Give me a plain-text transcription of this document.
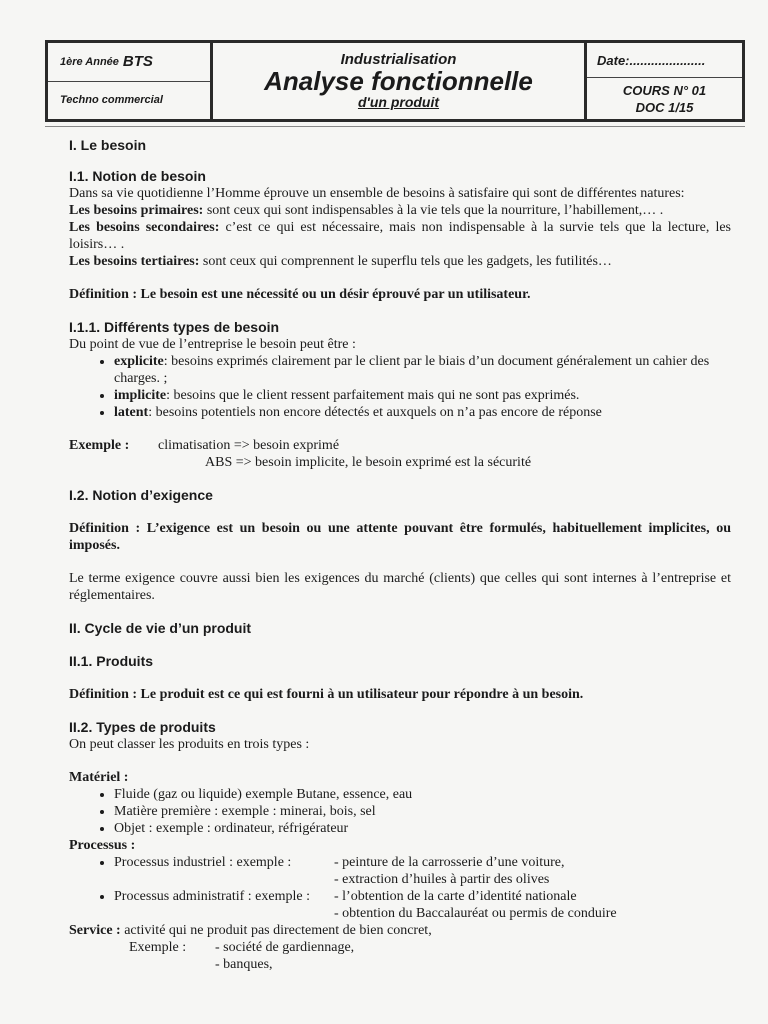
1ère Année BTS
Techno commercial
Industrialisation
Analyse fonctionnelle
d'un produit
Date:.....................
COURS N° 01
DOC 1/15
I. Le besoin
I.1. Notion de besoin

Dans sa vie quotidienne l’Homme éprouve un ensemble de besoins à satisfaire qui sont de différentes natures:

Les besoins primaires: sont ceux qui sont indispensables à la vie tels que la nourriture, l’habillement,… .

Les besoins secondaires: c’est ce qui est nécessaire, mais non indispensable à la survie tels que la lecture, les loisirs… .

Les besoins tertiaires: sont ceux qui comprennent le superflu tels que les gadgets, les futilités…

Définition : Le besoin est une nécessité ou un désir éprouvé par un utilisateur.

I.1.1. Différents types de besoin

Du point de vue de l’entreprise le besoin peut être :

• explicite: besoins exprimés clairement par le client par le biais d’un document généralement un cahier des charges. ;
• implicite: besoins que le client ressent parfaitement mais qui ne sont pas exprimés.
• latent: besoins potentiels non encore détectés et auxquels on n’a pas encore de réponse
Exemple :	climatisation => besoin exprimé

ABS => besoin implicite, le besoin exprimé est la sécurité

I.2. Notion d’exigence

Définition : L’exigence est un besoin ou une attente pouvant être formulés, habituellement implicites, ou imposés.

Le terme exigence couvre aussi bien les exigences du marché (clients) que celles qui sont internes à l’entreprise et réglementaires.

II. Cycle de vie d’un produit
II.1. Produits

Définition : Le produit est ce qui est fourni à un utilisateur pour répondre à un besoin.

II.2. Types de produits

On peut classer les produits en trois types :

Matériel :

• Fluide (gaz ou liquide) exemple Butane, essence, eau
• Matière première : exemple : minerai, bois, sel
• Objet : exemple : ordinateur, réfrigérateur

Processus :

• Processus industriel : exemple :	- peinture de la carrosserie d’une voiture,
- extraction d’huiles à partir des olives
• Processus administratif : exemple :	- l’obtention de la carte d’identité nationale
- obtention du Baccalauréat ou permis de conduire

Service : activité qui ne produit pas directement de bien concret,

Exemple :	- société de gardiennage,

- banques,
